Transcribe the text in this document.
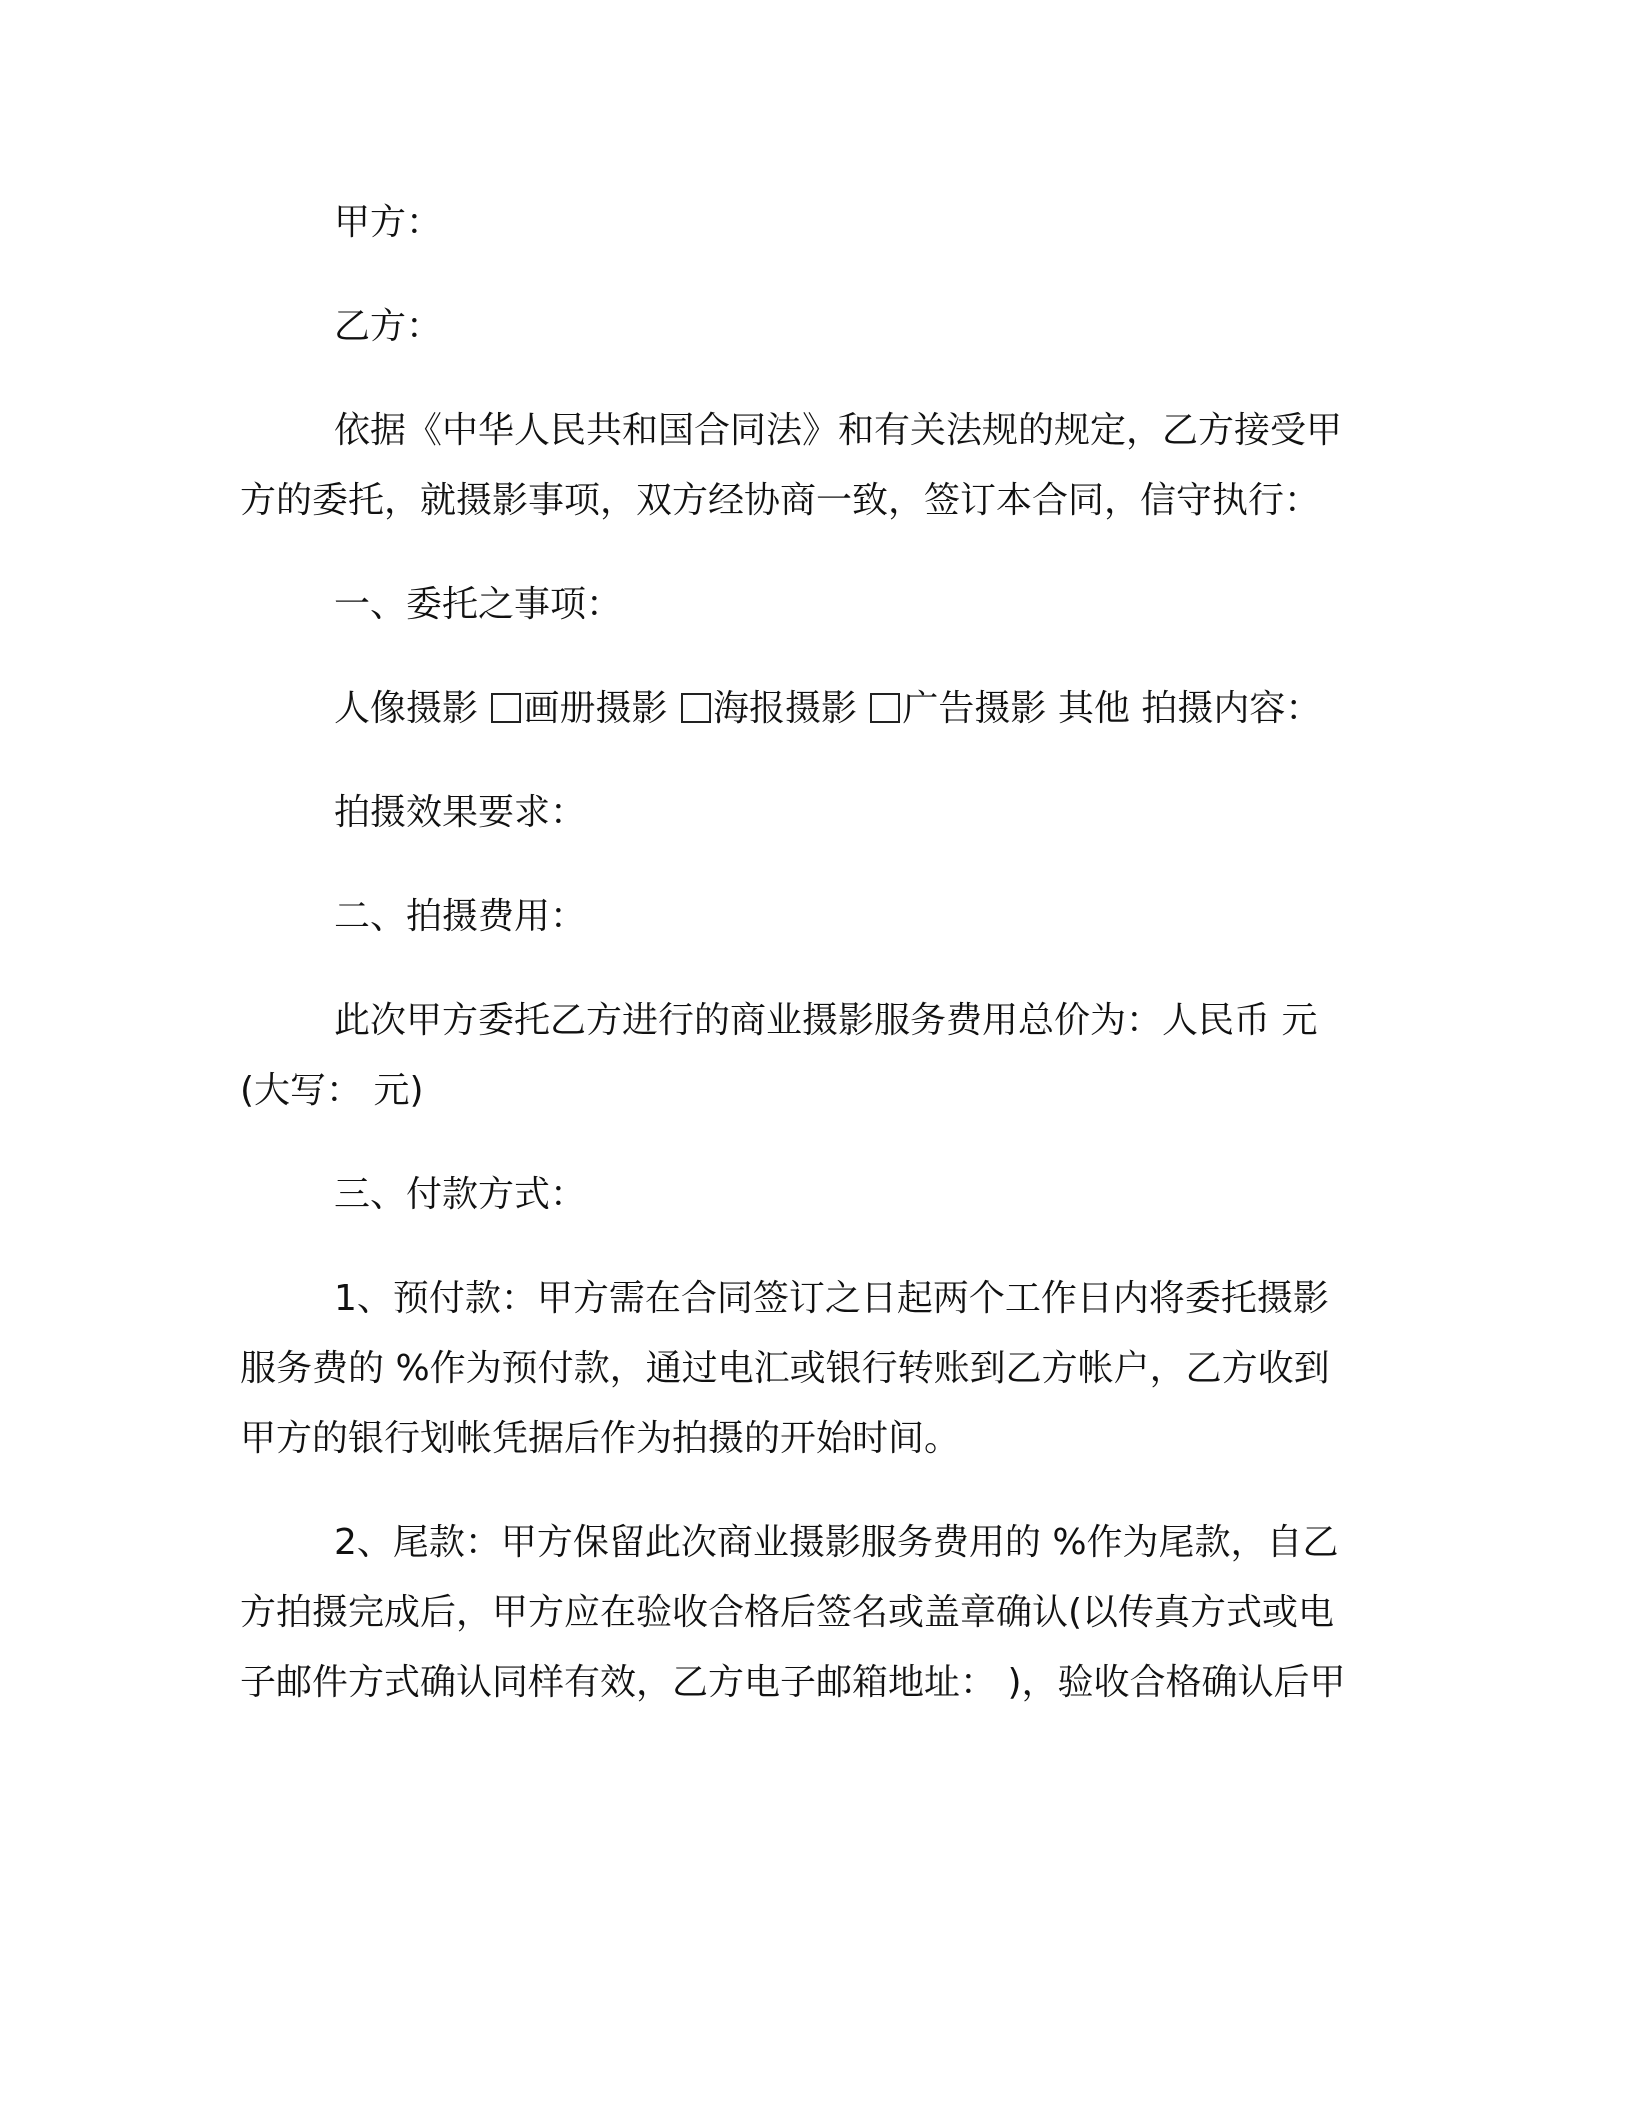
甲方：

乙方：

依据《中华人民共和国合同法》和有关法规的规定，乙方接受甲
方的委托，就摄影事项，双方经协商一致，签订本合同，信守执行：

一、委托之事项：

人像摄影 画册摄影 海报摄影 广告摄影 其他 拍摄内容：

拍摄效果要求：

二、拍摄费用：

此次甲方委托乙方进行的商业摄影服务费用总价为：人民币 元
(大写： 元)

三、付款方式：

1、预付款：甲方需在合同签订之日起两个工作日内将委托摄影
服务费的 %作为预付款，通过电汇或银行转账到乙方帐户，乙方收到
甲方的银行划帐凭据后作为拍摄的开始时间。
2、尾款：甲方保留此次商业摄影服务费用的 %作为尾款，自乙
方拍摄完成后，甲方应在验收合格后签名或盖章确认(以传真方式或电
子邮件方式确认同样有效，乙方电子邮箱地址： )，验收合格确认后甲
